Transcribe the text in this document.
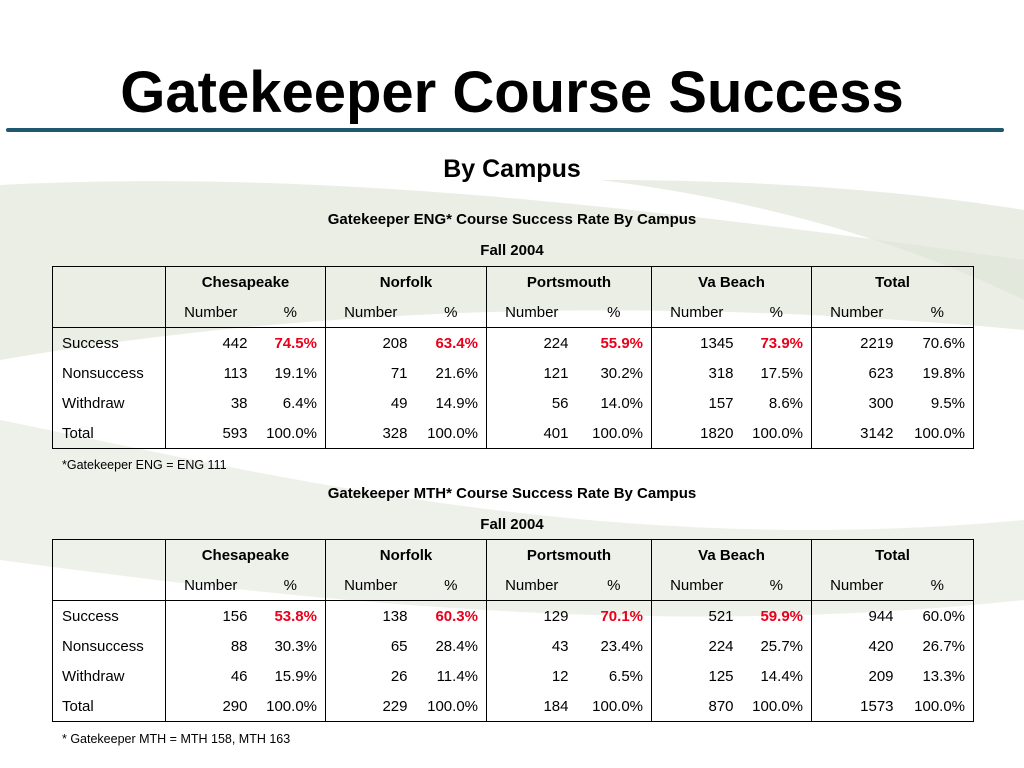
Gatekeeper Course Success
By Campus
Gatekeeper ENG* Course Success Rate By Campus
Fall 2004
	Chesapeake		Norfolk		Portsmouth		Va Beach		Total	
	Number	%	Number	%	Number	%	Number	%	Number	%
Success	442	74.5%	208	63.4%	224	55.9%	1345	73.9%	2219	70.6%
Nonsuccess	113	19.1%	71	21.6%	121	30.2%	318	17.5%	623	19.8%
Withdraw	38	6.4%	49	14.9%	56	14.0%	157	8.6%	300	9.5%
Total	593	100.0%	328	100.0%	401	100.0%	1820	100.0%	3142	100.0%
*Gatekeeper ENG = ENG 111
Gatekeeper MTH* Course Success Rate By Campus
Fall 2004
	Chesapeake		Norfolk		Portsmouth		Va Beach		Total	
	Number	%	Number	%	Number	%	Number	%	Number	%
Success	156	53.8%	138	60.3%	129	70.1%	521	59.9%	944	60.0%
Nonsuccess	88	30.3%	65	28.4%	43	23.4%	224	25.7%	420	26.7%
Withdraw	46	15.9%	26	11.4%	12	6.5%	125	14.4%	209	13.3%
Total	290	100.0%	229	100.0%	184	100.0%	870	100.0%	1573	100.0%
* Gatekeeper MTH = MTH 158, MTH 163
